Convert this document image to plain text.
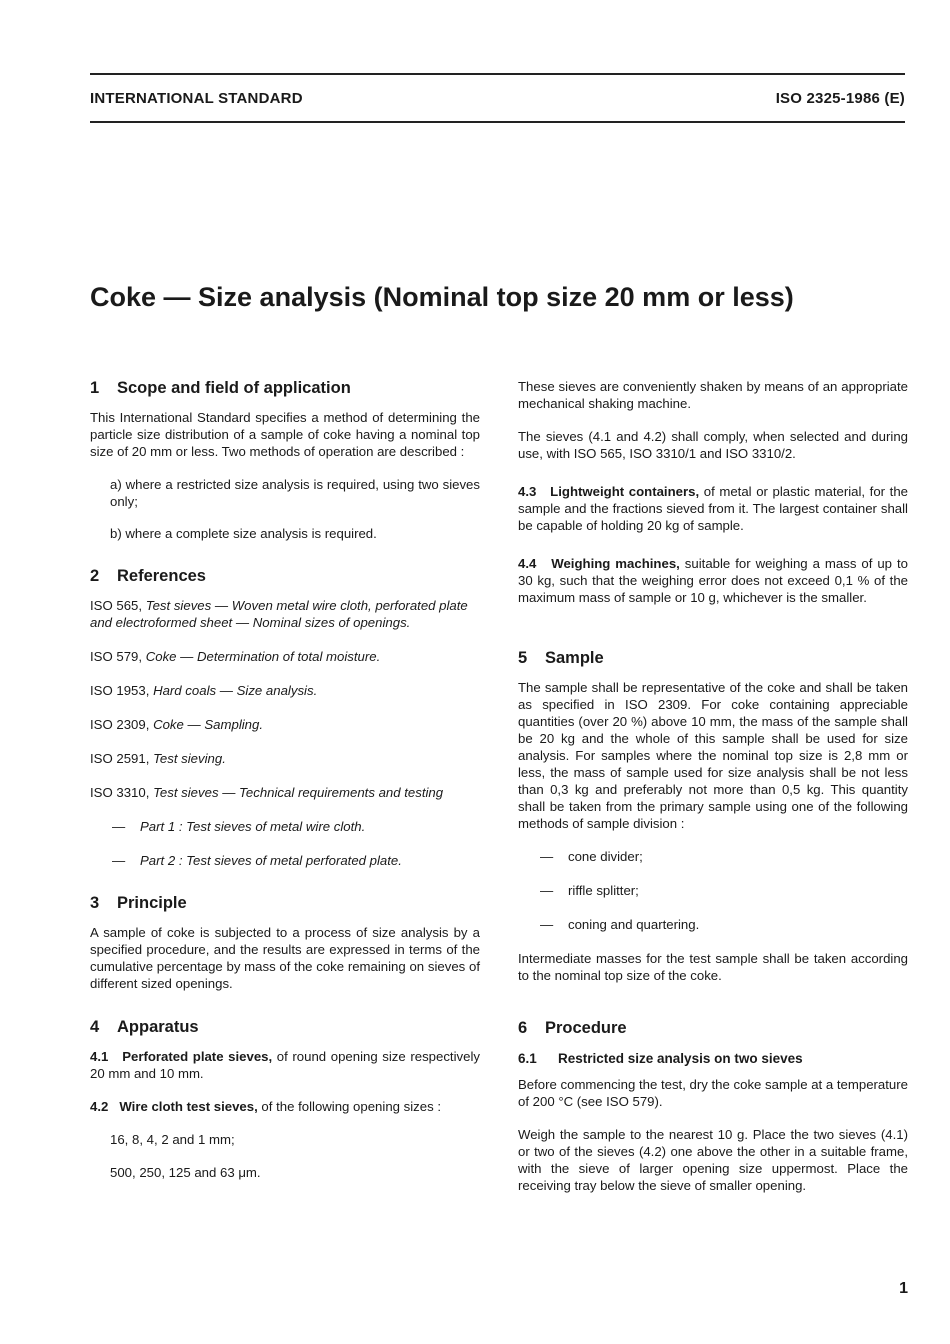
INTERNATIONAL STANDARD	ISO 2325-1986 (E)
Coke — Size analysis (Nominal top size 20 mm or less)
1 Scope and field of application

This International Standard specifies a method of determining the particle size distribution of a sample of coke having a nominal top size of 20 mm or less. Two methods of operation are described :

a) where a restricted size analysis is required, using two sieves only;

b) where a complete size analysis is required.

2 References
ISO 565, Test sieves — Woven metal wire cloth, perforated plate and electroformed sheet — Nominal sizes of openings.
ISO 579, Coke — Determination of total moisture.
ISO 1953, Hard coals — Size analysis.
ISO 2309, Coke — Sampling.
ISO 2591, Test sieving.
ISO 3310, Test sieves — Technical requirements and testing
— Part 1 : Test sieves of metal wire cloth.
— Part 2 : Test sieves of metal perforated plate.
3 Principle

A sample of coke is subjected to a process of size analysis by a specified procedure, and the results are expressed in terms of the cumulative percentage by mass of the coke remaining on sieves of different sized openings.

4 Apparatus

4.1 Perforated plate sieves, of round opening size respectively 20 mm and 10 mm.

4.2 Wire cloth test sieves, of the following opening sizes :

16, 8, 4, 2 and 1 mm;

500, 250, 125 and 63 μm.

These sieves are conveniently shaken by means of an appropriate mechanical shaking machine.

The sieves (4.1 and 4.2) shall comply, when selected and during use, with ISO 565, ISO 3310/1 and ISO 3310/2.

4.3 Lightweight containers, of metal or plastic material, for the sample and the fractions sieved from it. The largest container shall be capable of holding 20 kg of sample.

4.4 Weighing machines, suitable for weighing a mass of up to 30 kg, such that the weighing error does not exceed 0,1 % of the maximum mass of sample or 10 g, whichever is the smaller.

5 Sample

The sample shall be representative of the coke and shall be taken as specified in ISO 2309. For coke containing appreciable quantities (over 20 %) above 10 mm, the mass of the sample shall be 20 kg and the whole of this sample shall be used for size analysis. For samples where the nominal top size is 2,8 mm or less, the mass of sample used for size analysis shall be not less than 0,3 kg and preferably not more than 0,5 kg. This quantity shall be taken from the primary sample using one of the following methods of sample division :

— cone divider;
— riffle splitter;
— coning and quartering.

Intermediate masses for the test sample shall be taken according to the nominal top size of the coke.

6 Procedure
6.1 Restricted size analysis on two sieves

Before commencing the test, dry the coke sample at a temperature of 200 °C (see ISO 579).

Weigh the sample to the nearest 10 g. Place the two sieves (4.1) or two of the sieves (4.2) one above the other in a suitable frame, with the sieve of larger opening size uppermost. Place the receiving tray below the sieve of smaller opening.

1
